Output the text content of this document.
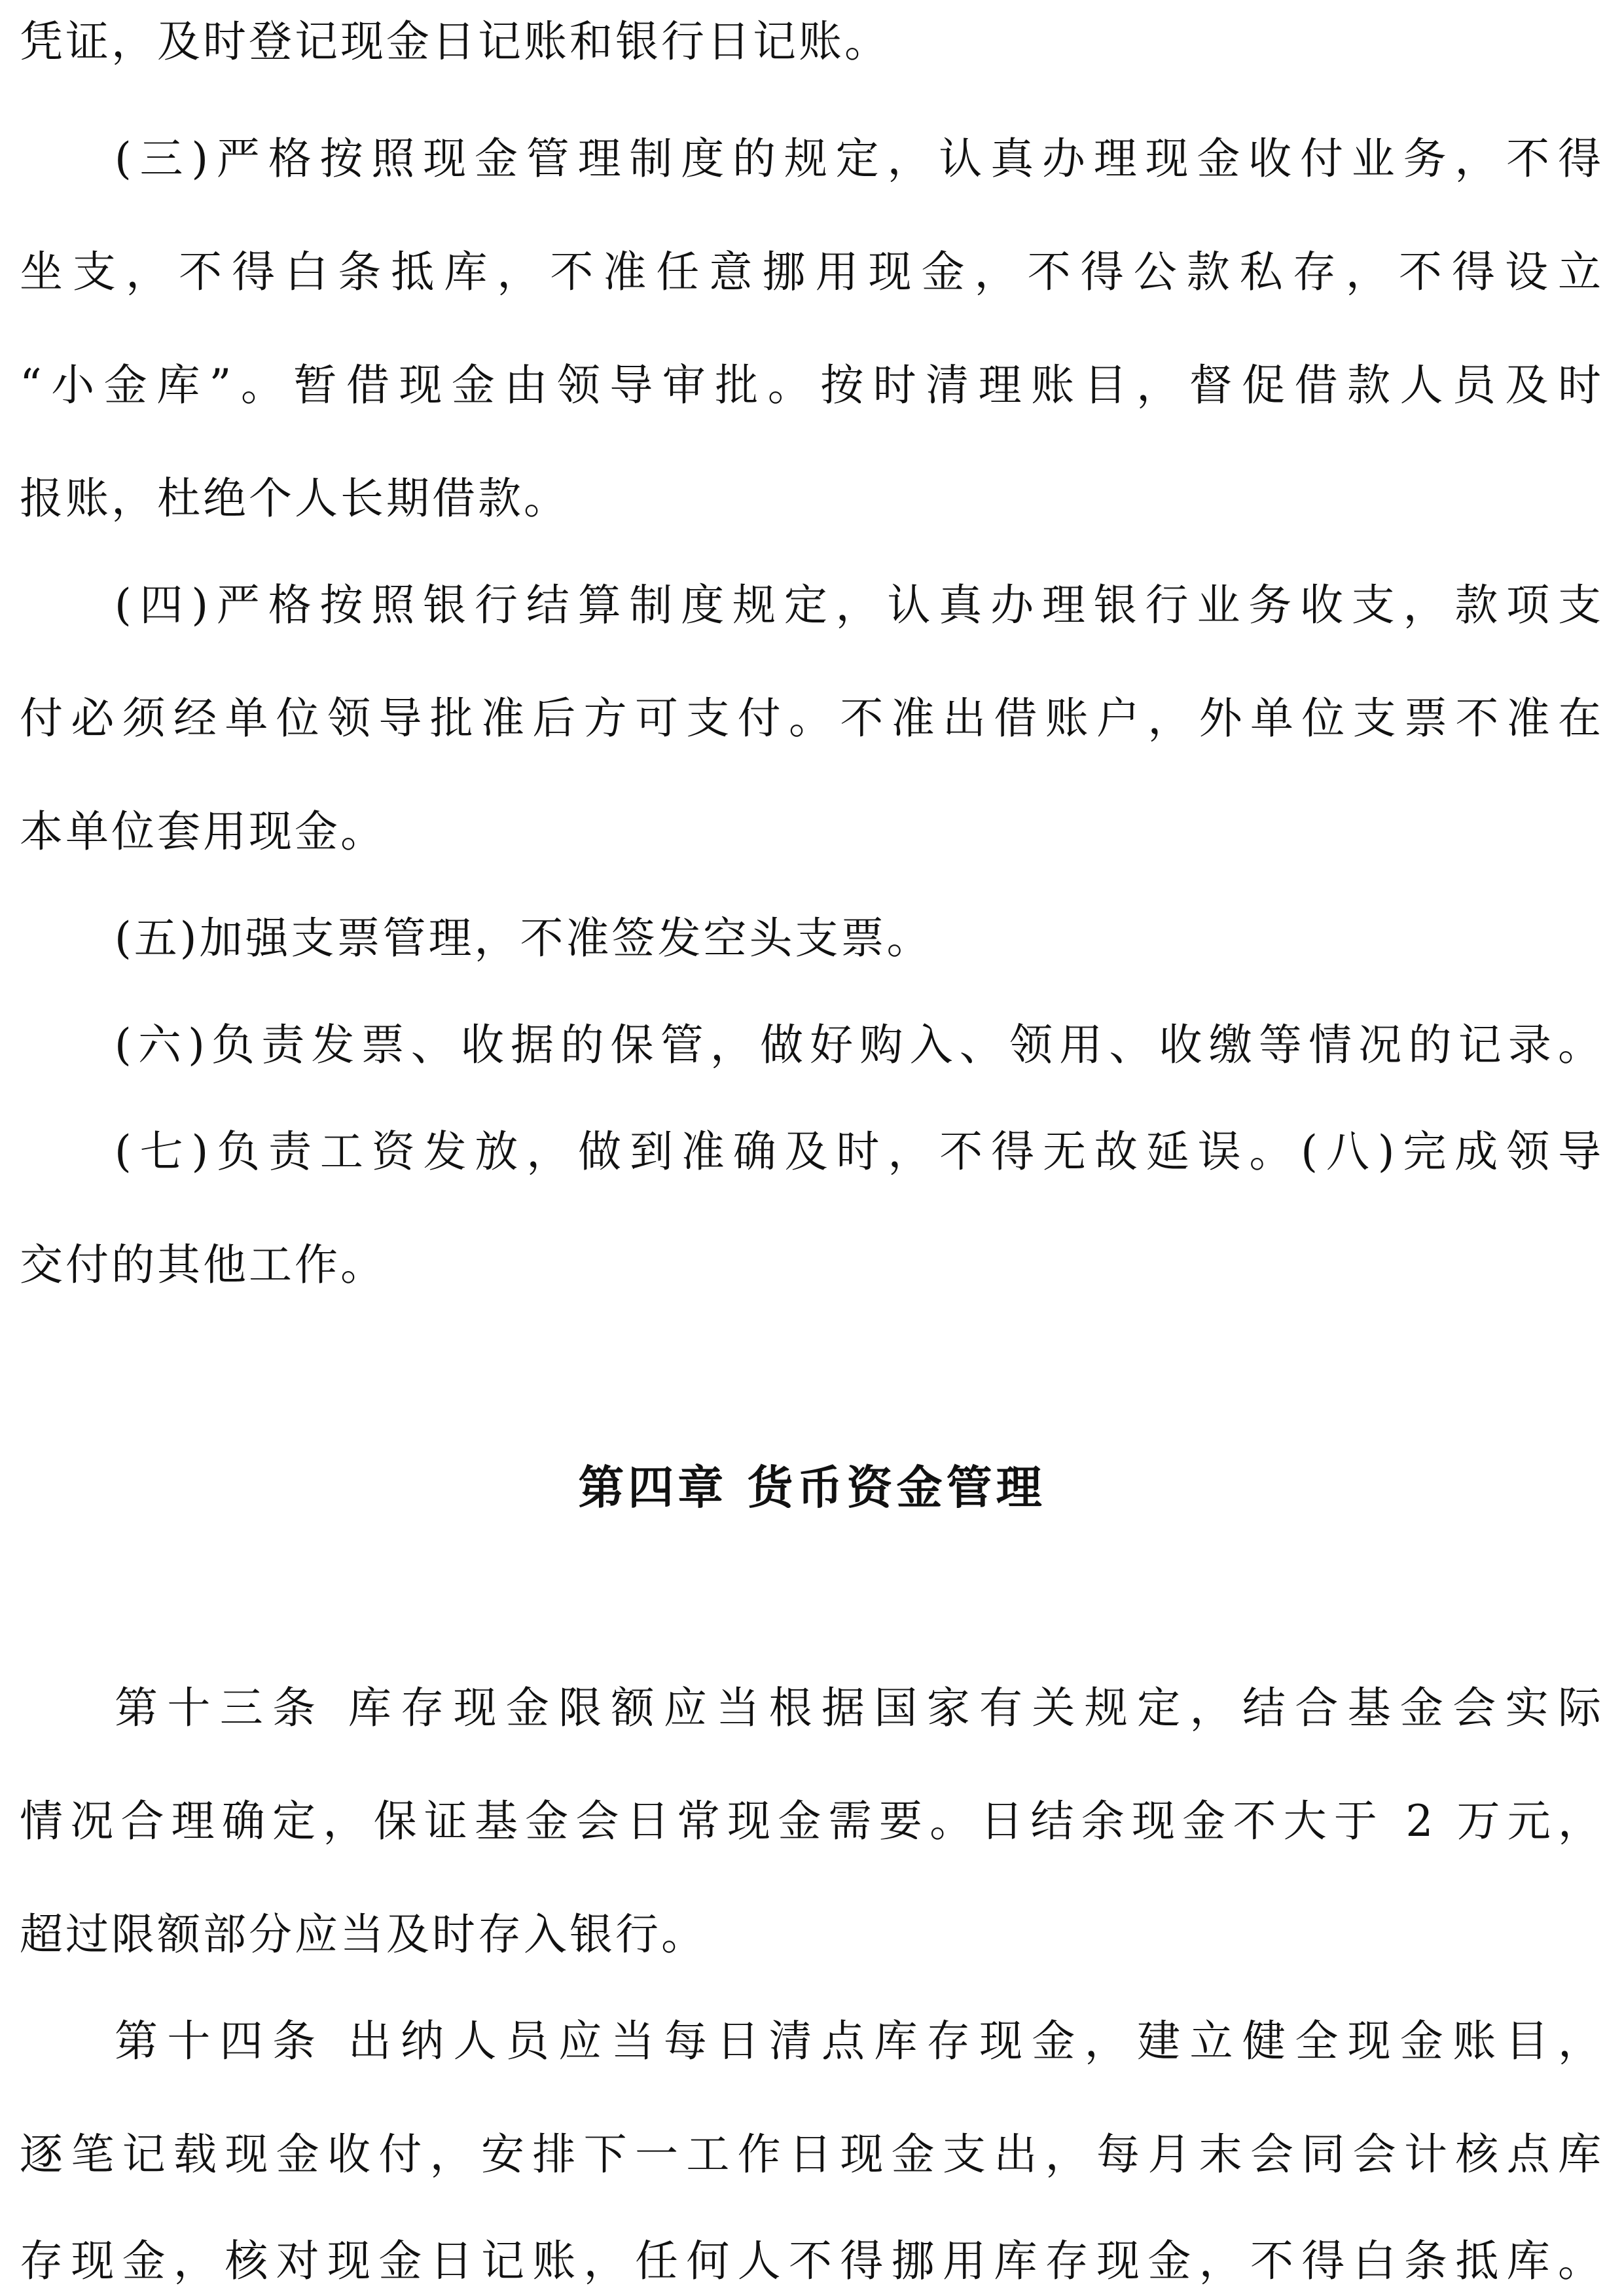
凭证，及时登记现金日记账和银行日记账。
(三)严格按照现金管理制度的规定，认真办理现金收付业务，不得
坐支，不得白条抵库，不准任意挪用现金，不得公款私存，不得设立
“小金库”。暂借现金由领导审批。按时清理账目，督促借款人员及时
报账，杜绝个人长期借款。
(四)严格按照银行结算制度规定，认真办理银行业务收支，款项支
付必须经单位领导批准后方可支付。不准出借账户，外单位支票不准在
本单位套用现金。
(五)加强支票管理，不准签发空头支票。
(六)负责发票、收据的保管，做好购入、领用、收缴等情况的记录。
(七)负责工资发放，做到准确及时，不得无故延误。(八)完成领导
交付的其他工作。
第四章 货币资金管理
第十三条 库存现金限额应当根据国家有关规定，结合基金会实际
情况合理确定，保证基金会日常现金需要。日结余现金不大于 2 万元，
超过限额部分应当及时存入银行。
第十四条 出纳人员应当每日清点库存现金，建立健全现金账目，
逐笔记载现金收付，安排下一工作日现金支出，每月末会同会计核点库
存现金，核对现金日记账，任何人不得挪用库存现金，不得白条抵库。
